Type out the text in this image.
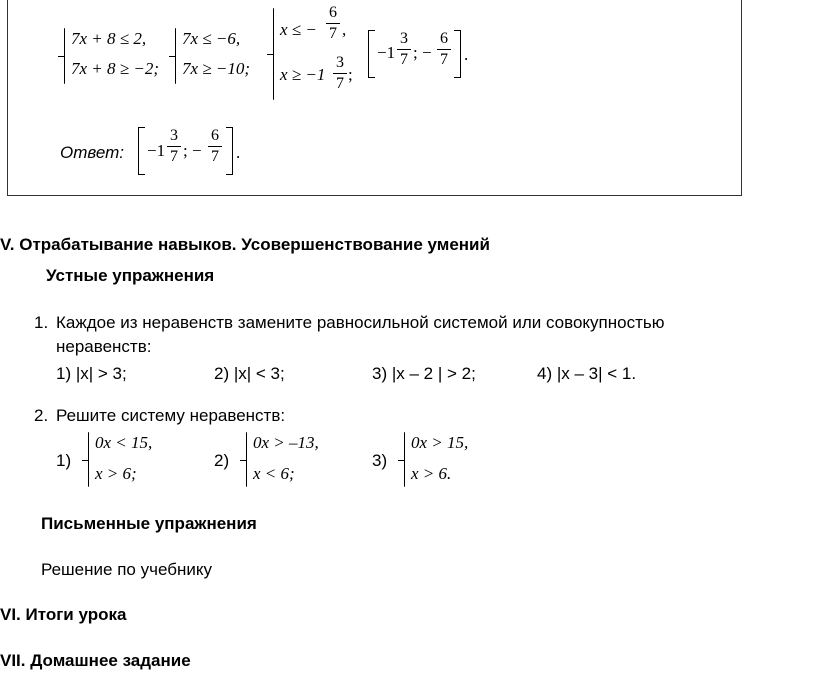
7x + 8 ≤ 2,
7x + 8 ≥ −2;
7x ≤ −6,
7x ≥ −10;
x ≤ −
6
7 ,
x ≥ −1
3
7 ;
−1
3
7 ; −
6
7 .
Ответ: −1
3
7 ; −
6
7 .
V. Отрабатывание навыков. Усовершенствование умений
Устные упражнения
1. Каждое из неравенств замените равносильной системой или совокупностью
неравенств:
1) |x| > 3;	2) |x| < 3;	3) |x – 2 | > 2;	4) |x – 3| < 1.
2. Решите систему неравенств:
1)
0x < 15,
x > 6;
2)
0x > –13,
x < 6;
3)
0x > 15,
x > 6.
Письменные упражнения
Решение по учебнику
VI. Итоги урока
VII. Домашнее задание
